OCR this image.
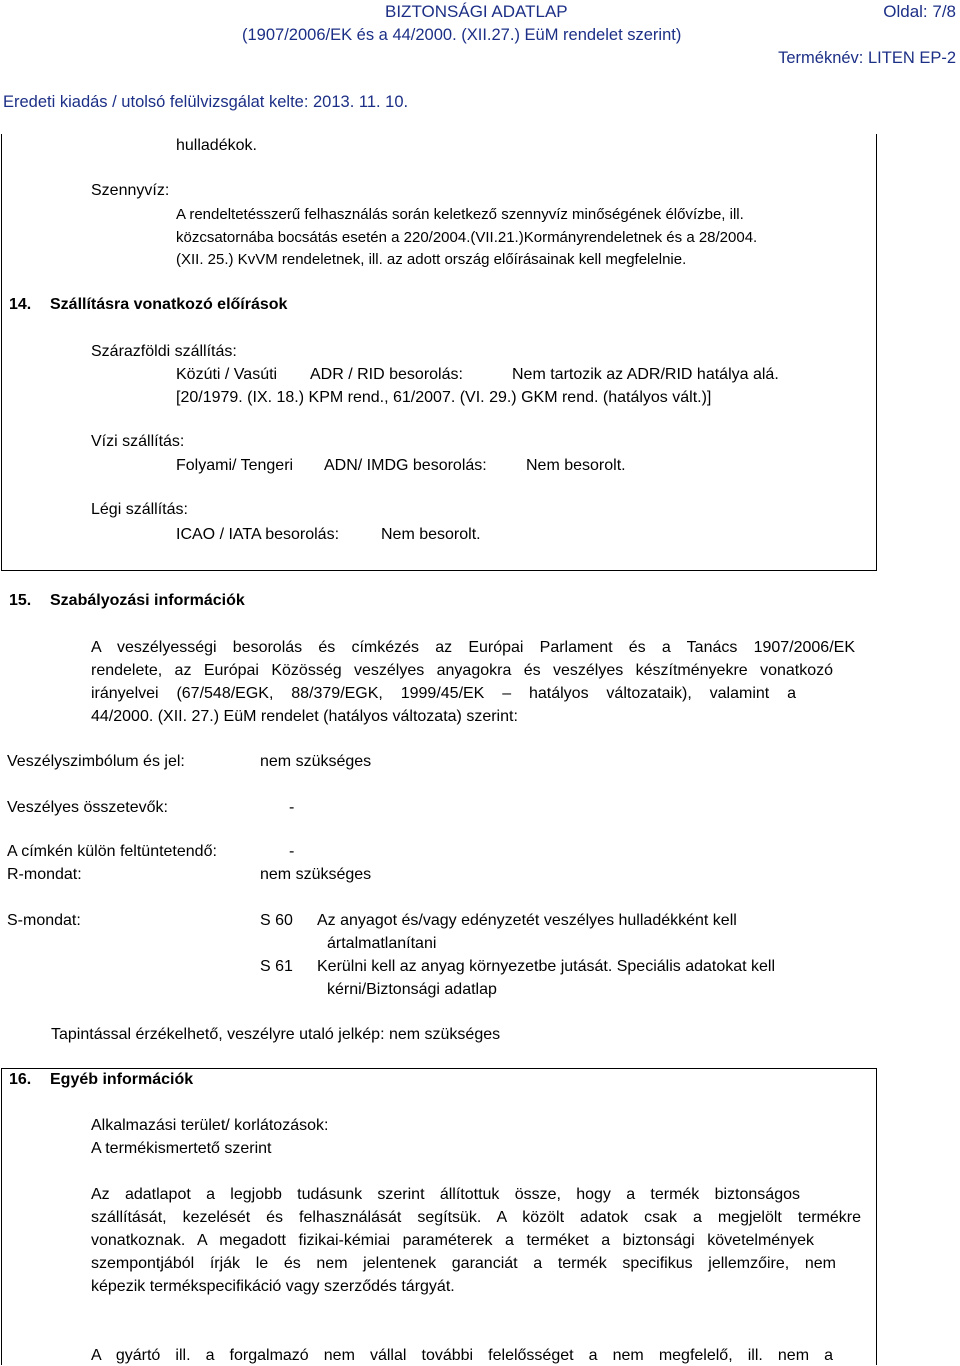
BIZTONSÁGI ADATLAP	Oldal: 7/8
(1907/2006/EK és a 44/2000. (XII.27.) EüM rendelet szerint)
Terméknév: LITEN EP-2
Eredeti kiadás / utolsó felülvizsgálat kelte: 2013. 11. 10.
hulladékok.
Szennyvíz:
A rendeltetésszerű felhasználás során keletkező szennyvíz minőségének élővízbe, ill.
közcsatornába bocsátás esetén a 220/2004.(VII.21.)Kormányrendeletnek és a 28/2004.
(XII. 25.) KvVM rendeletnek, ill. az adott ország előírásainak kell megfelelnie.
14. Szállításra vonatkozó előírások
Szárazföldi szállítás:
Közúti / Vasúti ADR / RID besorolás:	Nem tartozik az ADR/RID hatálya alá.
[20/1979. (IX. 18.) KPM rend., 61/2007. (VI. 29.) GKM rend. (hatályos vált.)]
Vízi szállítás:
Folyami/ Tengeri ADN/ IMDG besorolás: Nem besorolt.
Légi szállítás:
ICAO / IATA besorolás:	Nem besorolt.
15. Szabályozási információk
A veszélyességi besorolás és címkézés az Európai Parlament és a Tanács 1907/2006/EK
rendelete, az Európai Közösség veszélyes anyagokra és veszélyes készítményekre vonatkozó
irányelvei (67/548/EGK, 88/379/EGK, 1999/45/EK – hatályos változataik), valamint a
44/2000. (XII. 27.) EüM rendelet (hatályos változata) szerint:
Veszélyszimbólum és jel:	nem szükséges
Veszélyes összetevők:	-
A címkén külön feltüntetendő:	-
R-mondat:	nem szükséges
S-mondat:	S 60 Az anyagot és/vagy edényzetét veszélyes hulladékként kell
ártalmatlanítani
S 61 Kerülni kell az anyag környezetbe jutását. Speciális adatokat kell
kérni/Biztonsági adatlap
Tapintással érzékelhető, veszélyre utaló jelkép: nem szükséges
16. Egyéb információk
Alkalmazási terület/ korlátozások:
A termékismertető szerint
Az adatlapot a legjobb tudásunk szerint állítottuk össze, hogy a termék biztonságos
szállítását, kezelését és felhasználását segítsük. A közölt adatok csak a megjelölt termékre
vonatkoznak. A megadott fizikai-kémiai paraméterek a terméket a biztonsági követelmények
szempontjából írják le és nem jelentenek garanciát a termék specifikus jellemzőire, nem
képezik termékspecifikáció vagy szerződés tárgyát.
A gyártó ill. a forgalmazó nem vállal további felelősséget a nem megfelelő, ill. nem a
